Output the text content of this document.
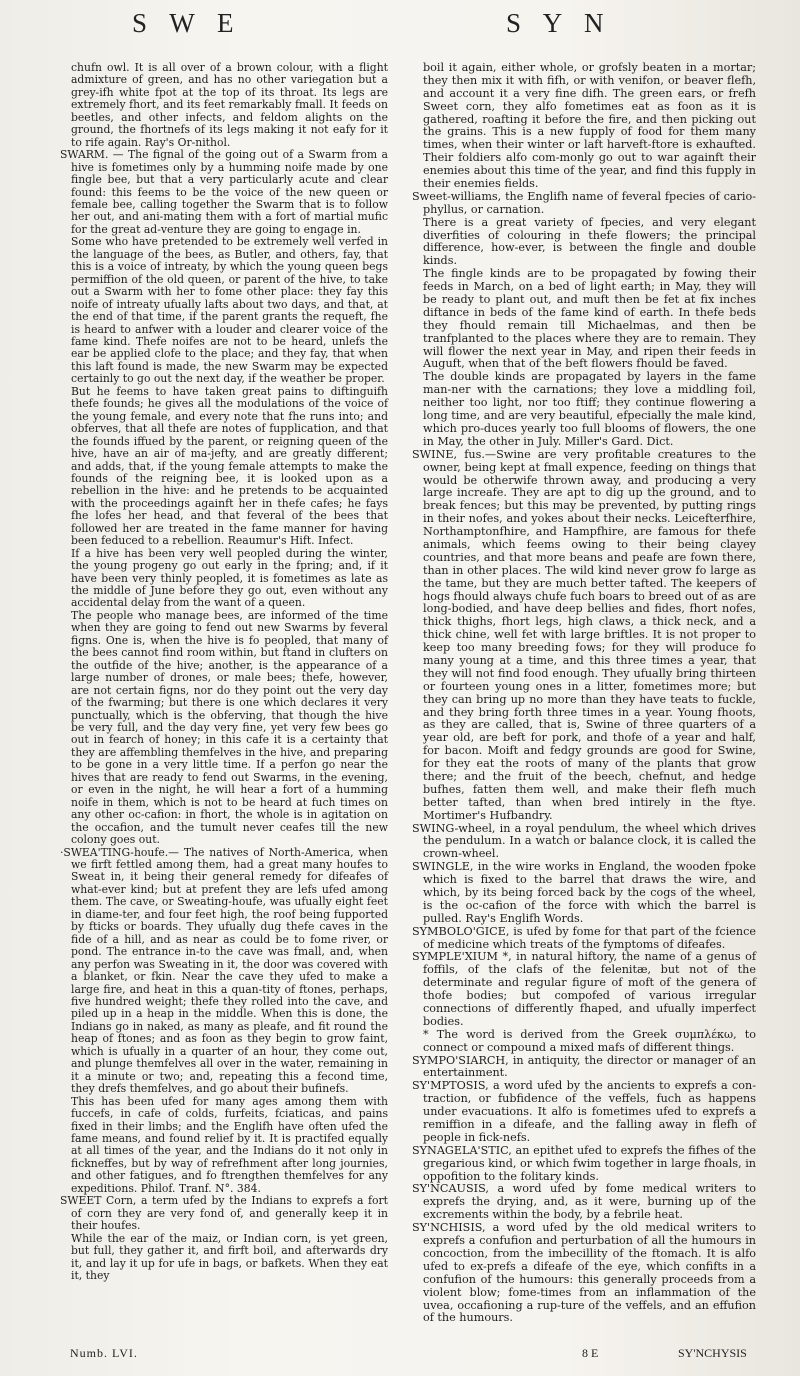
S W E	S Y N

chufn owl. It is all over of a brown colour, with a flight admixture of green, and has no other variegation but a grey-ifh white fpot at the top of its throat. Its legs are extremely fhort, and its feet remarkably fmall. It feeds on beetles, and other infects, and feldom alights on the ground, the fhortnefs of its legs making it not eafy for it to rife again. Ray's Or-nithol.

SWARM. — The fignal of the going out of a Swarm from a hive is fometimes only by a humming noife made by one fingle bee, but that a very particularly acute and clear found: this feems to be the voice of the new queen or female bee, calling together the Swarm that is to follow her out, and ani-mating them with a fort of martial mufic for the great ad-venture they are going to engage in.

Some who have pretended to be extremely well verfed in the language of the bees, as Butler, and others, fay, that this is a voice of intreaty, by which the young queen begs permiffion of the old queen, or parent of the hive, to take out a Swarm with her to fome other place: they fay this noife of intreaty ufually lafts about two days, and that, at the end of that time, if the parent grants the requeft, fhe is heard to anfwer with a louder and clearer voice of the fame kind. Thefe noifes are not to be heard, unlefs the ear be applied clofe to the place; and they fay, that when this laft found is made, the new Swarm may be expected certainly to go out the next day, if the weather be proper.

But he feems to have taken great pains to diftinguifh thefe founds; he gives all the modulations of the voice of the young female, and every note that fhe runs into; and obferves, that all thefe are notes of fupplication, and that the founds iffued by the parent, or reigning queen of the hive, have an air of ma-jefty, and are greatly different; and adds, that, if the young female attempts to make the founds of the reigning bee, it is looked upon as a rebellion in the hive: and he pretends to be acquainted with the proceedings againft her in thefe cafes; he fays fhe lofes her head, and that feveral of the bees that followed her are treated in the fame manner for having been feduced to a rebellion. Reaumur's Hift. Infect.

If a hive has been very well peopled during the winter, the young progeny go out early in the fpring; and, if it have been very thinly peopled, it is fometimes as late as the middle of June before they go out, even without any accidental delay from the want of a queen.

The people who manage bees, are informed of the time when they are going to fend out new Swarms by feveral figns. One is, when the hive is fo peopled, that many of the bees cannot find room within, but ftand in clufters on the outfide of the hive; another, is the appearance of a large number of drones, or male bees; thefe, however, are not certain figns, nor do they point out the very day of the fwarming; but there is one which declares it very punctually, which is the obferving, that though the hive be very full, and the day very fine, yet very few bees go out in fearch of honey; in this cafe it is a certainty that they are affembling themfelves in the hive, and preparing to be gone in a very little time. If a perfon go near the hives that are ready to fend out Swarms, in the evening, or even in the night, he will hear a fort of a humming noife in them, which is not to be heard at fuch times on any other oc-cafion: in fhort, the whole is in agitation on the occafion, and the tumult never ceafes till the new colony goes out.

·SWEA'TING-houfe.— The natives of North-America, when we firft fettled among them, had a great many houfes to Sweat in, it being their general remedy for difeafes of what-ever kind; but at prefent they are lefs ufed among them. The cave, or Sweating-houfe, was ufually eight feet in diame-ter, and four feet high, the roof being fupported by fticks or boards. They ufually dug thefe caves in the fide of a hill, and as near as could be to fome river, or pond. The entrance in-to the cave was fmall, and, when any perfon was Sweating in it, the door was covered with a blanket, or fkin. Near the cave they ufed to make a large fire, and heat in this a quan-tity of ftones, perhaps, five hundred weight; thefe they rolled into the cave, and piled up in a heap in the middle. When this is done, the Indians go in naked, as many as pleafe, and fit round the heap of ftones; and as foon as they begin to grow faint, which is ufually in a quarter of an hour, they come out, and plunge themfelves all over in the water, remaining in it a minute or two; and, repeating this a fecond time, they drefs themfelves, and go about their bufinefs.

This has been ufed for many ages among them with fuccefs, in cafe of colds, furfeits, fciaticas, and pains fixed in their limbs; and the Englifh have often ufed the fame means, and found relief by it. It is practifed equally at all times of the year, and the Indians do it not only in fickneffes, but by way of refrefhment after long journies, and other fatigues, and fo ftrengthen themfelves for any expeditions. Philof. Tranf. N°. 384.

SWEET Corn, a term ufed by the Indians to exprefs a fort of corn they are very fond of, and generally keep it in their houfes.

While the ear of the maiz, or Indian corn, is yet green, but full, they gather it, and firft boil, and afterwards dry it, and lay it up for ufe in bags, or bafkets. When they eat it, they

boil it again, either whole, or grofsly beaten in a mortar; they then mix it with fifh, or with venifon, or beaver flefh, and account it a very fine difh. The green ears, or frefh Sweet corn, they alfo fometimes eat as foon as it is gathered, roafting it before the fire, and then picking out the grains. This is a new fupply of food for them many times, when their winter or laft harveft-ftore is exhaufted. Their foldiers alfo com-monly go out to war againft their enemies about this time of the year, and find this fupply in their enemies fields.

Sweet-williams, the Englifh name of feveral fpecies of cario-phyllus, or carnation.

There is a great variety of fpecies, and very elegant diverfities of colouring in thefe flowers; the principal difference, how-ever, is between the fingle and double kinds.

The fingle kinds are to be propagated by fowing their feeds in March, on a bed of light earth; in May, they will be ready to plant out, and muft then be fet at fix inches diftance in beds of the fame kind of earth. In thefe beds they fhould remain till Michaelmas, and then be tranfplanted to the places where they are to remain. They will flower the next year in May, and ripen their feeds in Auguft, when that of the beft flowers fhould be faved.

The double kinds are propagated by layers in the fame man-ner with the carnations; they love a middling foil, neither too light, nor too ftiff; they continue flowering a long time, and are very beautiful, efpecially the male kind, which pro-duces yearly too full blooms of flowers, the one in May, the other in July. Miller's Gard. Dict.

SWINE, fus.—Swine are very profitable creatures to the owner, being kept at fmall expence, feeding on things that would be otherwife thrown away, and producing a very large increafe. They are apt to dig up the ground, and to break fences; but this may be prevented, by putting rings in their nofes, and yokes about their necks. Leicefterfhire, Northamptonfhire, and Hampfhire, are famous for thefe animals, which feems owing to their being clayey countries, and that more beans and peafe are fown there, than in other places. The wild kind never grow fo large as the tame, but they are much better tafted. The keepers of hogs fhould always chufe fuch boars to breed out of as are long-bodied, and have deep bellies and fides, fhort nofes, thick thighs, fhort legs, high claws, a thick neck, and a thick chine, well fet with large briftles. It is not proper to keep too many breeding fows; for they will produce fo many young at a time, and this three times a year, that they will not find food enough. They ufually bring thirteen or fourteen young ones in a litter, fometimes more; but they can bring up no more than they have teats to fuckle, and they bring forth three times in a year. Young fhoots, as they are called, that is, Swine of three quarters of a year old, are beft for pork, and thofe of a year and half, for bacon. Moift and fedgy grounds are good for Swine, for they eat the roots of many of the plants that grow there; and the fruit of the beech, chefnut, and hedge bufhes, fatten them well, and make their flefh much better tafted, than when bred intirely in the ftye. Mortimer's Hufbandry.

SWING-wheel, in a royal pendulum, the wheel which drives the pendulum. In a watch or balance clock, it is called the crown-wheel.

SWINGLE, in the wire works in England, the wooden fpoke which is fixed to the barrel that draws the wire, and which, by its being forced back by the cogs of the wheel, is the oc-cafion of the force with which the barrel is pulled. Ray's Englifh Words.

SYMBOLO'GICE, is ufed by fome for that part of the fcience of medicine which treats of the fymptoms of difeafes.

SYMPLE'XIUM *, in natural hiftory, the name of a genus of foffils, of the clafs of the felenitæ, but not of the determinate and regular figure of moft of the genera of thofe bodies; but compofed of various irregular connections of differently fhaped, and ufually imperfect bodies.

* The word is derived from the Greek συμπλέκω, to connect or compound a mixed mafs of different things.

SYMPO'SIARCH, in antiquity, the director or manager of an entertainment.

SY'MPTOSIS, a word ufed by the ancients to exprefs a con-traction, or fubfidence of the veffels, fuch as happens under evacuations. It alfo is fometimes ufed to exprefs a remiffion in a difeafe, and the falling away in flefh of people in fick-nefs.

SYNAGELA'STIC, an epithet ufed to exprefs the fifhes of the gregarious kind, or which fwim together in large fhoals, in oppofition to the folitary kinds.

SY'NCAUSIS, a word ufed by fome medical writers to exprefs the drying, and, as it were, burning up of the excrements within the body, by a febrile heat.

SY'NCHISIS, a word ufed by the old medical writers to exprefs a confufion and perturbation of all the humours in concoction, from the imbecillity of the ftomach. It is alfo ufed to ex-prefs a difeafe of the eye, which confifts in a confufion of the humours: this generally proceeds from a violent blow; fome-times from an inflammation of the uvea, occafioning a rup-ture of the veffels, and an effufion of the humours.

Numb. LVI.	8 E	SY'NCHYSIS
